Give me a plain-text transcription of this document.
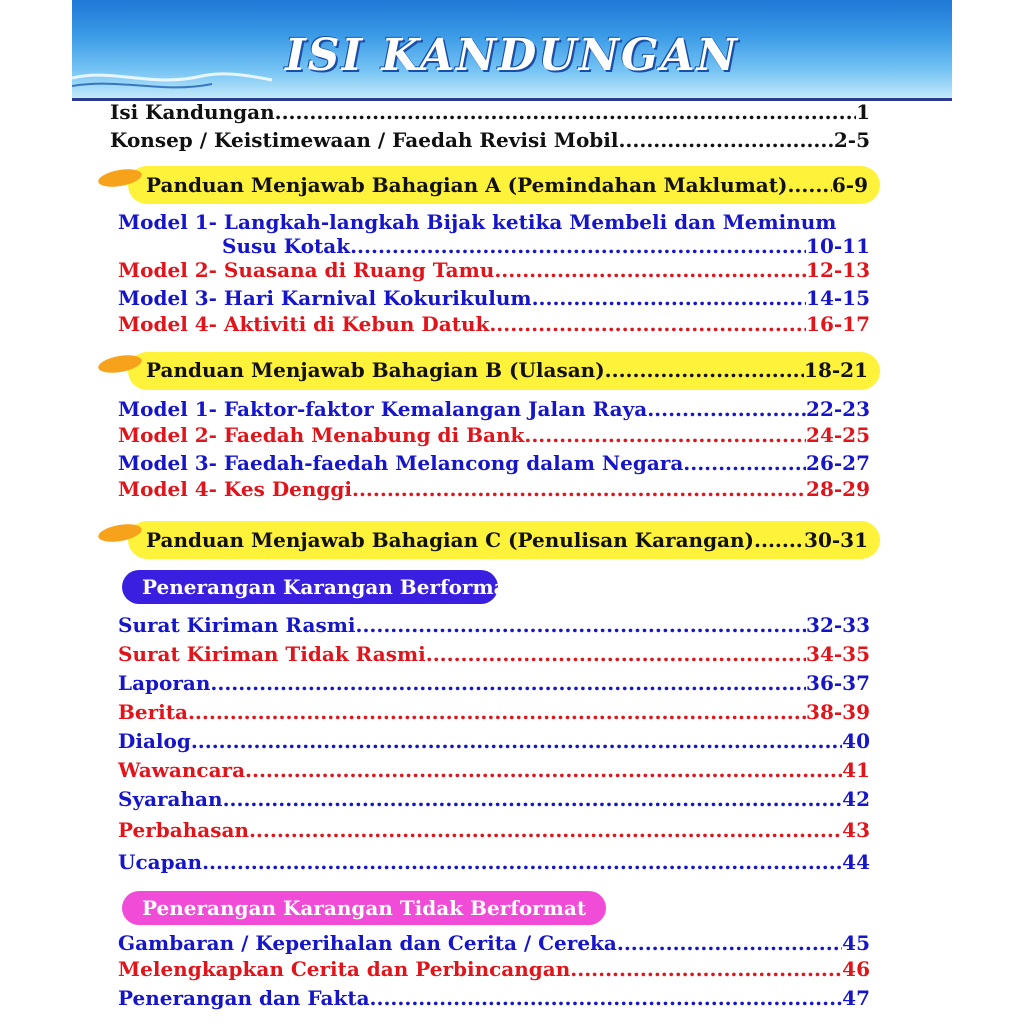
ISI KANDUNGAN
Isi Kandungan .....	1
Konsep / Keistimewaan / Faedah Revisi Mobil .....	2-5
Panduan Menjawab Bahagian A (Pemindahan Maklumat) ..... 6-9
Model 1- Langkah-langkah Bijak ketika Membeli dan Meminum
Susu Kotak .....	10-11
Model 2- Suasana di Ruang Tamu .....	12-13
Model 3- Hari Karnival Kokurikulum .....	14-15
Model 4- Aktiviti di Kebun Datuk .....	16-17
Panduan Menjawab Bahagian B (Ulasan) .....	18-21
Model 1- Faktor-faktor Kemalangan Jalan Raya .....	22-23
Model 2- Faedah Menabung di Bank .....	24-25
Model 3- Faedah-faedah Melancong dalam Negara .....	26-27
Model 4- Kes Denggi .....	28-29
Panduan Menjawab Bahagian C (Penulisan Karangan) .....	30-31
Penerangan Karangan Berformat
Surat Kiriman Rasmi .....	32-33
Surat Kiriman Tidak Rasmi .....	34-35
Laporan .....	36-37
Berita .....	38-39
Dialog .....	40
Wawancara .....	41
Syarahan .....	42
Perbahasan .....	43
Ucapan .....	44
Penerangan Karangan Tidak Berformat
Gambaran / Keperihalan dan Cerita / Cereka .....	45
Melengkapkan Cerita dan Perbincangan .....	46
Penerangan dan Fakta .....	47
